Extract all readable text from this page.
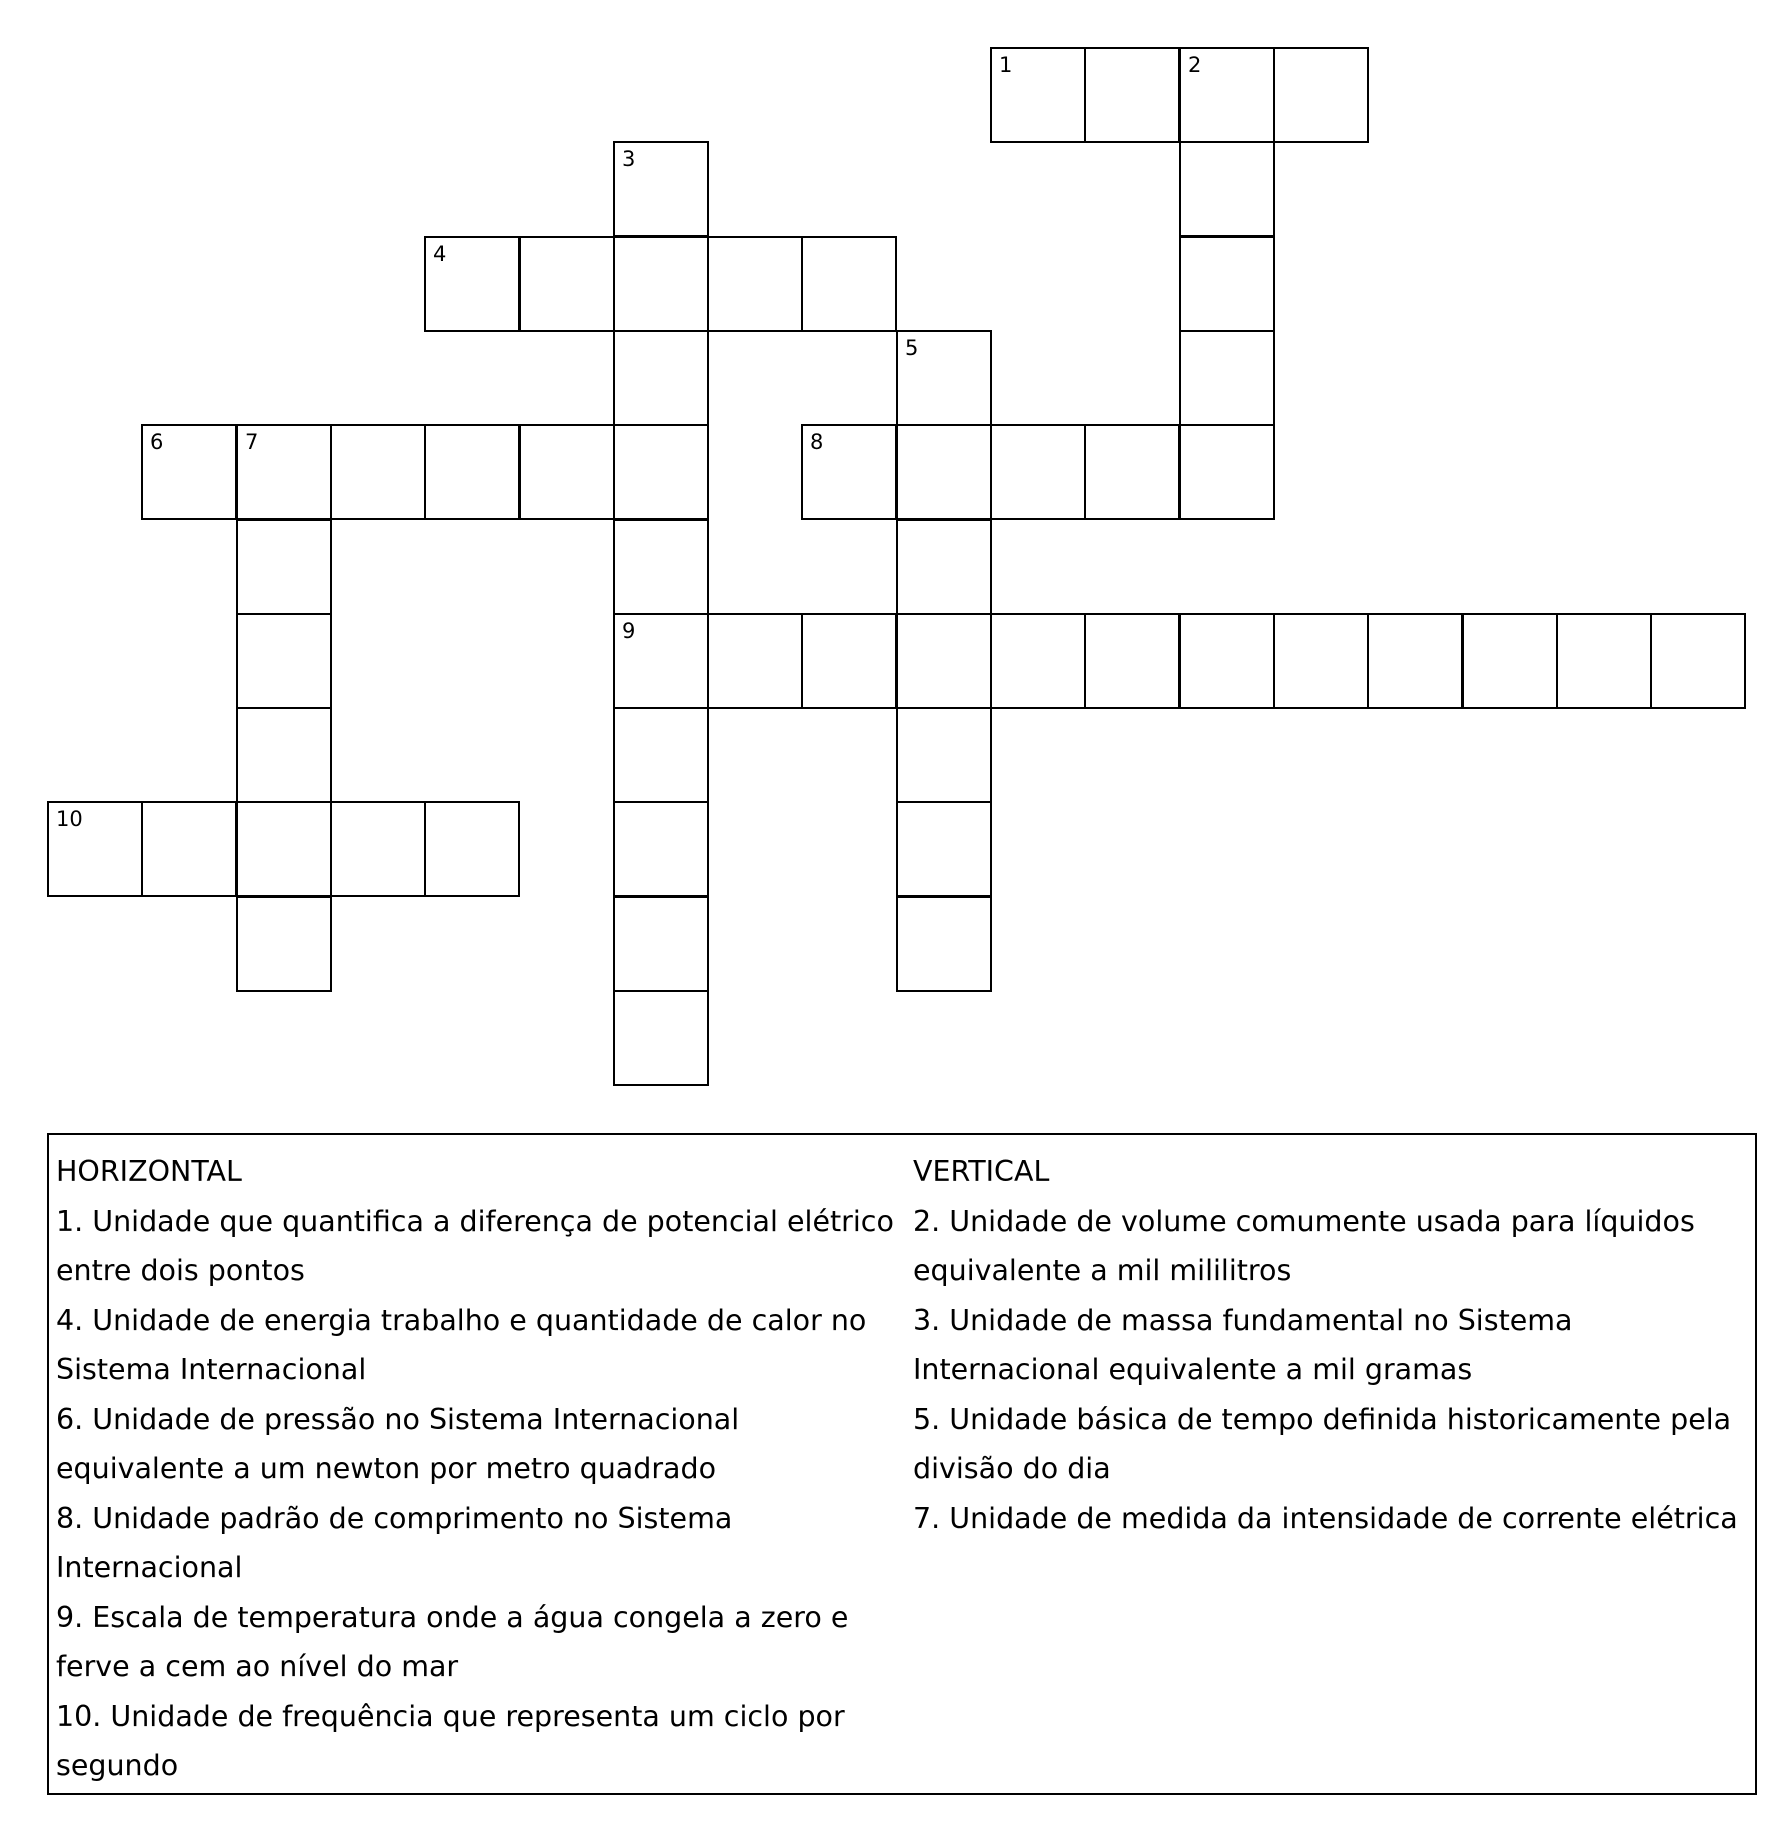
1	2
3
4
5
6	7	8
9
10

HORIZONTAL

1. Unidade que quantifica a diferença de potencial elétrico entre dois pontos

4. Unidade de energia trabalho e quantidade de calor no Sistema Internacional

6. Unidade de pressão no Sistema Internacional equivalente a um newton por metro quadrado

8. Unidade padrão de comprimento no Sistema Internacional

9. Escala de temperatura onde a água congela a zero e ferve a cem ao nível do mar

10. Unidade de frequência que representa um ciclo por segundo

VERTICAL

2. Unidade de volume comumente usada para líquidos equivalente a mil mililitros

3. Unidade de massa fundamental no Sistema Internacional equivalente a mil gramas

5. Unidade básica de tempo definida historicamente pela divisão do dia

7. Unidade de medida da intensidade de corrente elétrica
